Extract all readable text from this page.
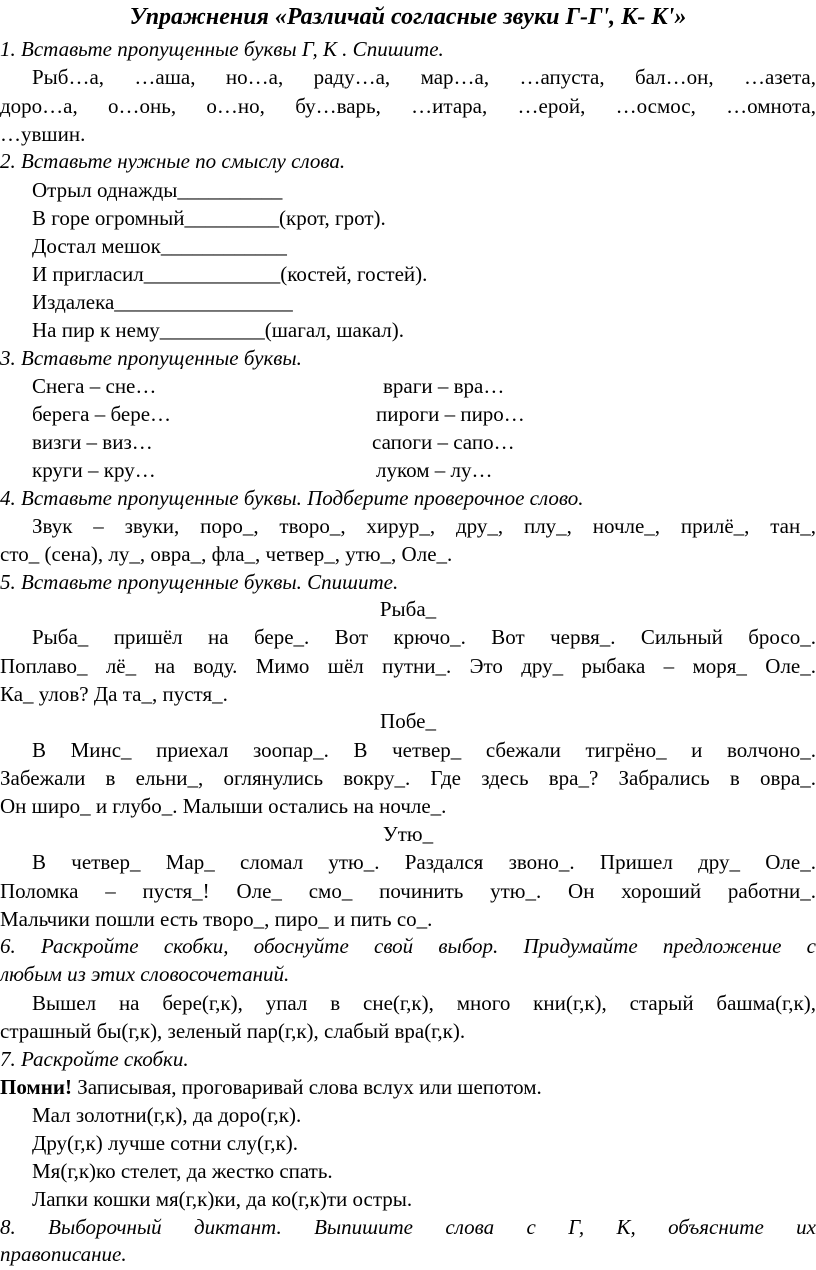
Упражнения «Различай согласные звуки Г-Г', К- К'»
1. Вставьте пропущенные буквы Г, К . Спишите.
Рыб…а, …аша, но…а, раду…а, мар…а, …апуста, бал…он, …азета,
доро…а, о…онь, о…но, бу…варь, …итара, …ерой, …осмос, …омнота,
…увшин.
2. Вставьте нужные по смыслу слова.
Отрыл однажды__________
В горе огромный_________(крот, грот).
Достал мешок____________
И пригласил_____________(костей, гостей).
Издалека_________________
На пир к нему__________(шагал, шакал).
3. Вставьте пропущенные буквы.
Снега – сне…	враги – вра…
берега – бере…	пироги – пиро…
визги – виз…	сапоги – сапо…
круги – кру…	луком – лу…
4. Вставьте пропущенные буквы. Подберите проверочное слово.
Звук – звуки, поро_, творо_, хирур_, дру_, плу_, ночле_, прилё_, тан_,
сто_ (сена), лу_, овра_, фла_, четвер_, утю_, Оле_.
5. Вставьте пропущенные буквы. Спишите.
Рыба_
Рыба_ пришёл на бере_. Вот крючо_. Вот червя_. Сильный бросо_.
Поплаво_ лё_ на воду. Мимо шёл путни_. Это дру_ рыбака – моря_ Оле_.
Ка_ улов? Да та_, пустя_.
Побе_
В Минс_ приехал зоопар_. В четвер_ сбежали тигрёно_ и волчоно_.
Забежали в ельни_, оглянулись вокру_. Где здесь вра_? Забрались в овра_.
Он широ_ и глубо_. Малыши остались на ночле_.
Утю_
В четвер_ Мар_ сломал утю_. Раздался звоно_. Пришел дру_ Оле_.
Поломка – пустя_! Оле_ смо_ починить утю_. Он хороший работни_.
Мальчики пошли есть творо_, пиро_ и пить со_.
6. Раскройте скобки, обоснуйте свой выбор. Придумайте предложение с
любым из этих словосочетаний.
Вышел на бере(г,к), упал в сне(г,к), много кни(г,к), старый башма(г,к),
страшный бы(г,к), зеленый пар(г,к), слабый вра(г,к).
7. Раскройте скобки.
Помни! Записывая, проговаривай слова вслух или шепотом.
Мал золотни(г,к), да доро(г,к).
Дру(г,к) лучше сотни слу(г,к).
Мя(г,к)ко стелет, да жестко спать.
Лапки кошки мя(г,к)ки, да ко(г,к)ти остры.
8. Выборочный диктант. Выпишите слова с Г, К, объясните их
правописание.
